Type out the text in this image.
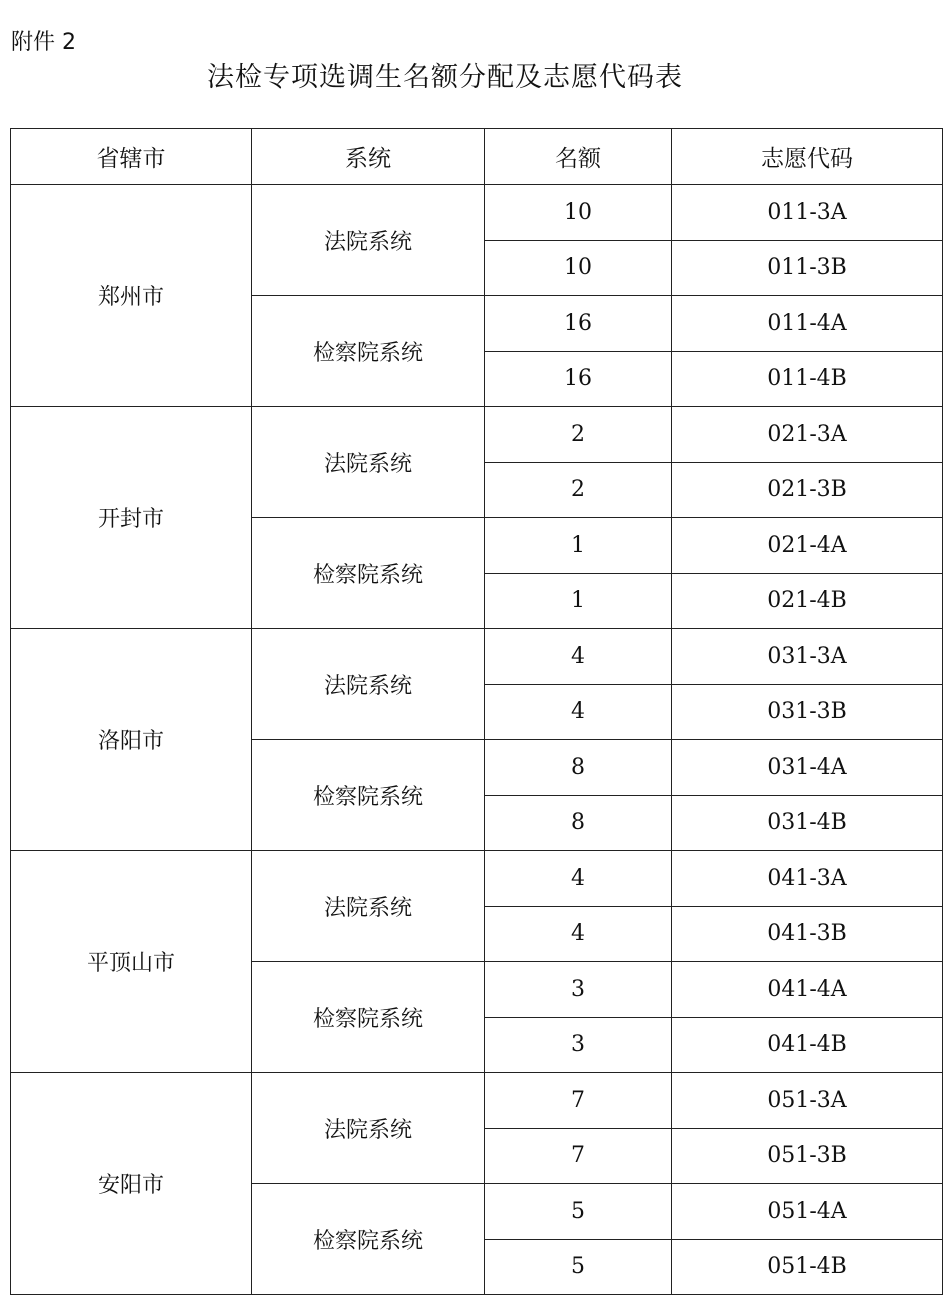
附件 2
法检专项选调生名额分配及志愿代码表
省辖市	系统	名额	志愿代码
郑州市	法院系统	10	011-3A
		10	011-3B
	检察院系统	16	011-4A
		16	011-4B
开封市	法院系统	2	021-3A
		2	021-3B
	检察院系统	1	021-4A
		1	021-4B
洛阳市	法院系统	4	031-3A
		4	031-3B
	检察院系统	8	031-4A
		8	031-4B
平顶山市	法院系统	4	041-3A
		4	041-3B
	检察院系统	3	041-4A
		3	041-4B
安阳市	法院系统	7	051-3A
		7	051-3B
	检察院系统	5	051-4A
		5	051-4B
